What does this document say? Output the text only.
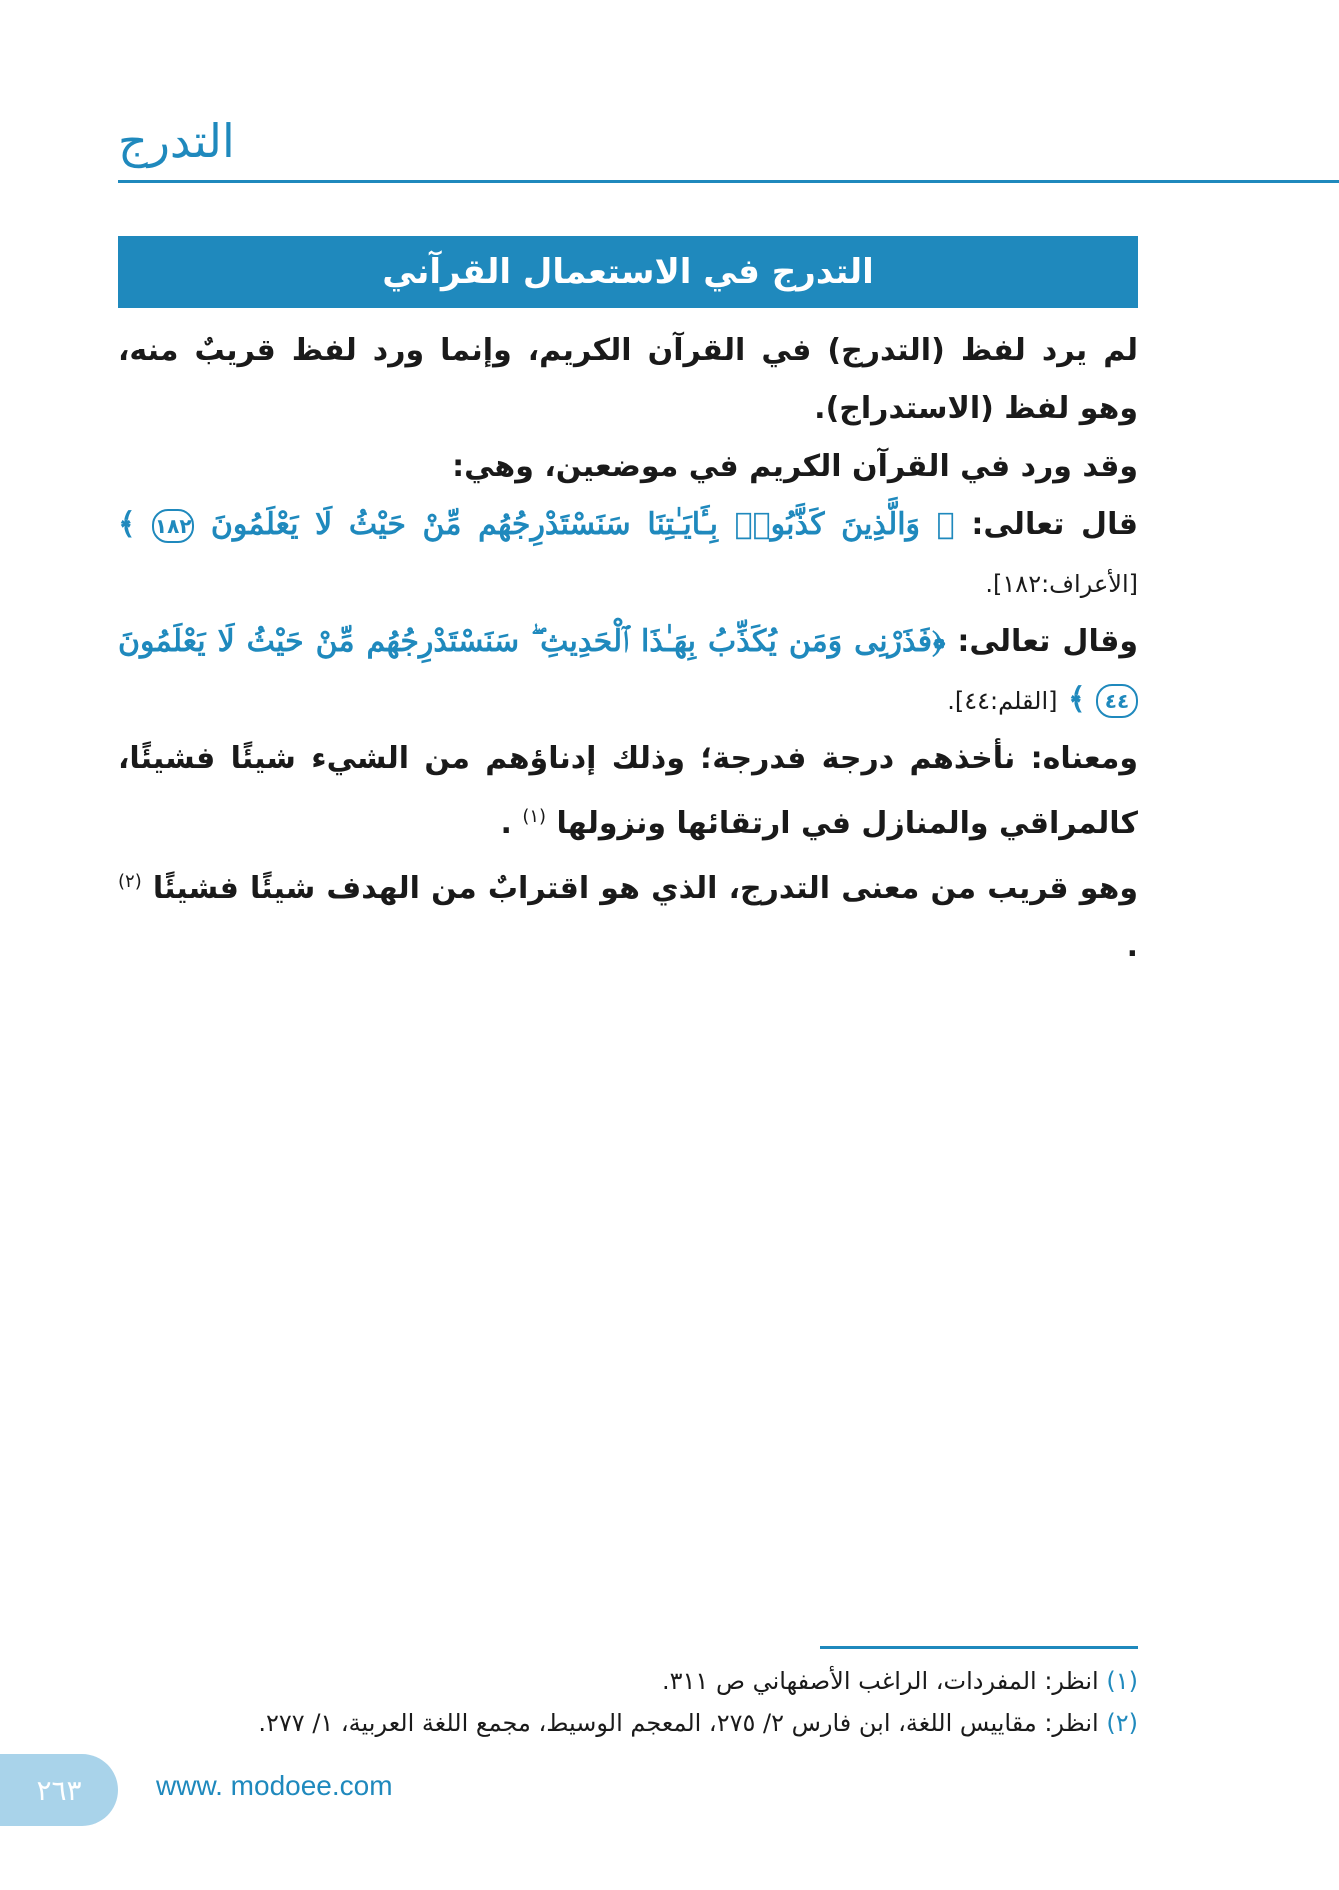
التدرج
التدرج في الاستعمال القرآني

لم يرد لفظ (التدرج) في القرآن الكريم، وإنما ورد لفظ قريبٌ منه، وهو لفظ (الاستدراج).

وقد ورد في القرآن الكريم في موضعين، وهي:

قال تعالى: ﴿ وَالَّذِينَ كَذَّبُوا۟ بِـَٔايَـٰتِنَا سَنَسْتَدْرِجُهُم مِّنْ حَيْثُ لَا يَعْلَمُونَ ١٨٢ ﴾ [الأعراف:١٨٢].

وقال تعالى: ﴿فَذَرْنِى وَمَن يُكَذِّبُ بِهَـٰذَا ٱلْحَدِيثِ ۖ سَنَسْتَدْرِجُهُم مِّنْ حَيْثُ لَا يَعْلَمُونَ ٤٤ ﴾ [القلم:٤٤].

ومعناه: نأخذهم درجة فدرجة؛ وذلك إدناؤهم من الشيء شيئًا فشيئًا، كالمراقي والمنازل في ارتقائها ونزولها $^{(١)}$ .

وهو قريب من معنى التدرج، الذي هو اقترابٌ من الهدف شيئًا فشيئًا $^{(٢)}$ .

(١) انظر: المفردات، الراغب الأصفهاني ص ٣١١.

(٢) انظر: مقاييس اللغة، ابن فارس ٢/ ٢٧٥، المعجم الوسيط، مجمع اللغة العربية، ١/ ٢٧٧.

٢٦٣	www. modoee.com
